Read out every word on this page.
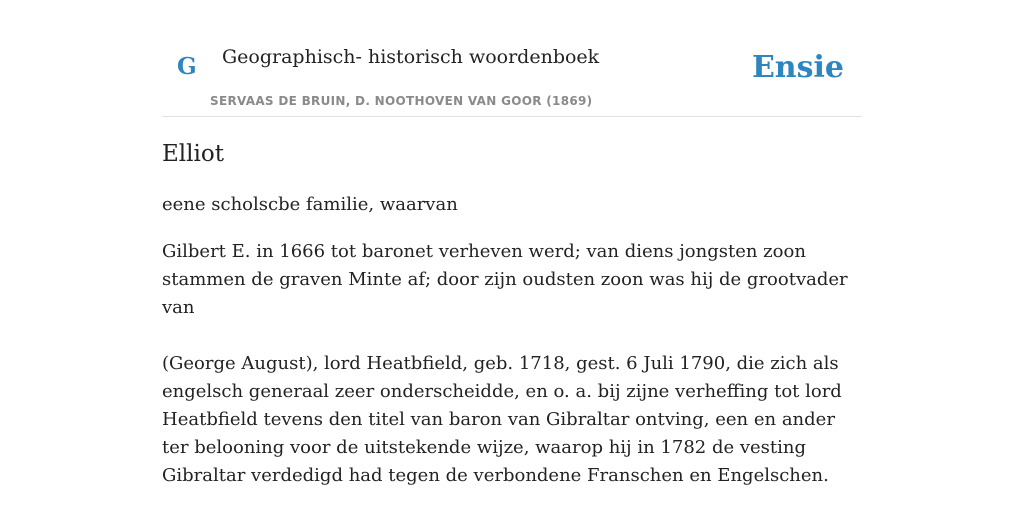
G Geographisch- historisch woordenboek
SERVAAS DE BRUIN, D. NOOTHOVEN VAN GOOR (1869)
Ensie
Elliot

eene scholscbe familie, waarvan

Gilbert E. in 1666 tot baronet verheven werd; van diens jongsten zoon stammen de graven Minte af; door zijn oudsten zoon was hij de grootvader van

(George August), lord Heatbfield, geb. 1718, gest. 6 Juli 1790, die zich als engelsch generaal zeer onderscheidde, en o. a. bij zijne verheffing tot lord Heatbfield tevens den titel van baron van Gibraltar ontving, een en ander ter belooning voor de uitstekende wijze, waarop hij in 1782 de vesting Gibraltar verdedigd had tegen de verbondene Franschen en Engelschen.
